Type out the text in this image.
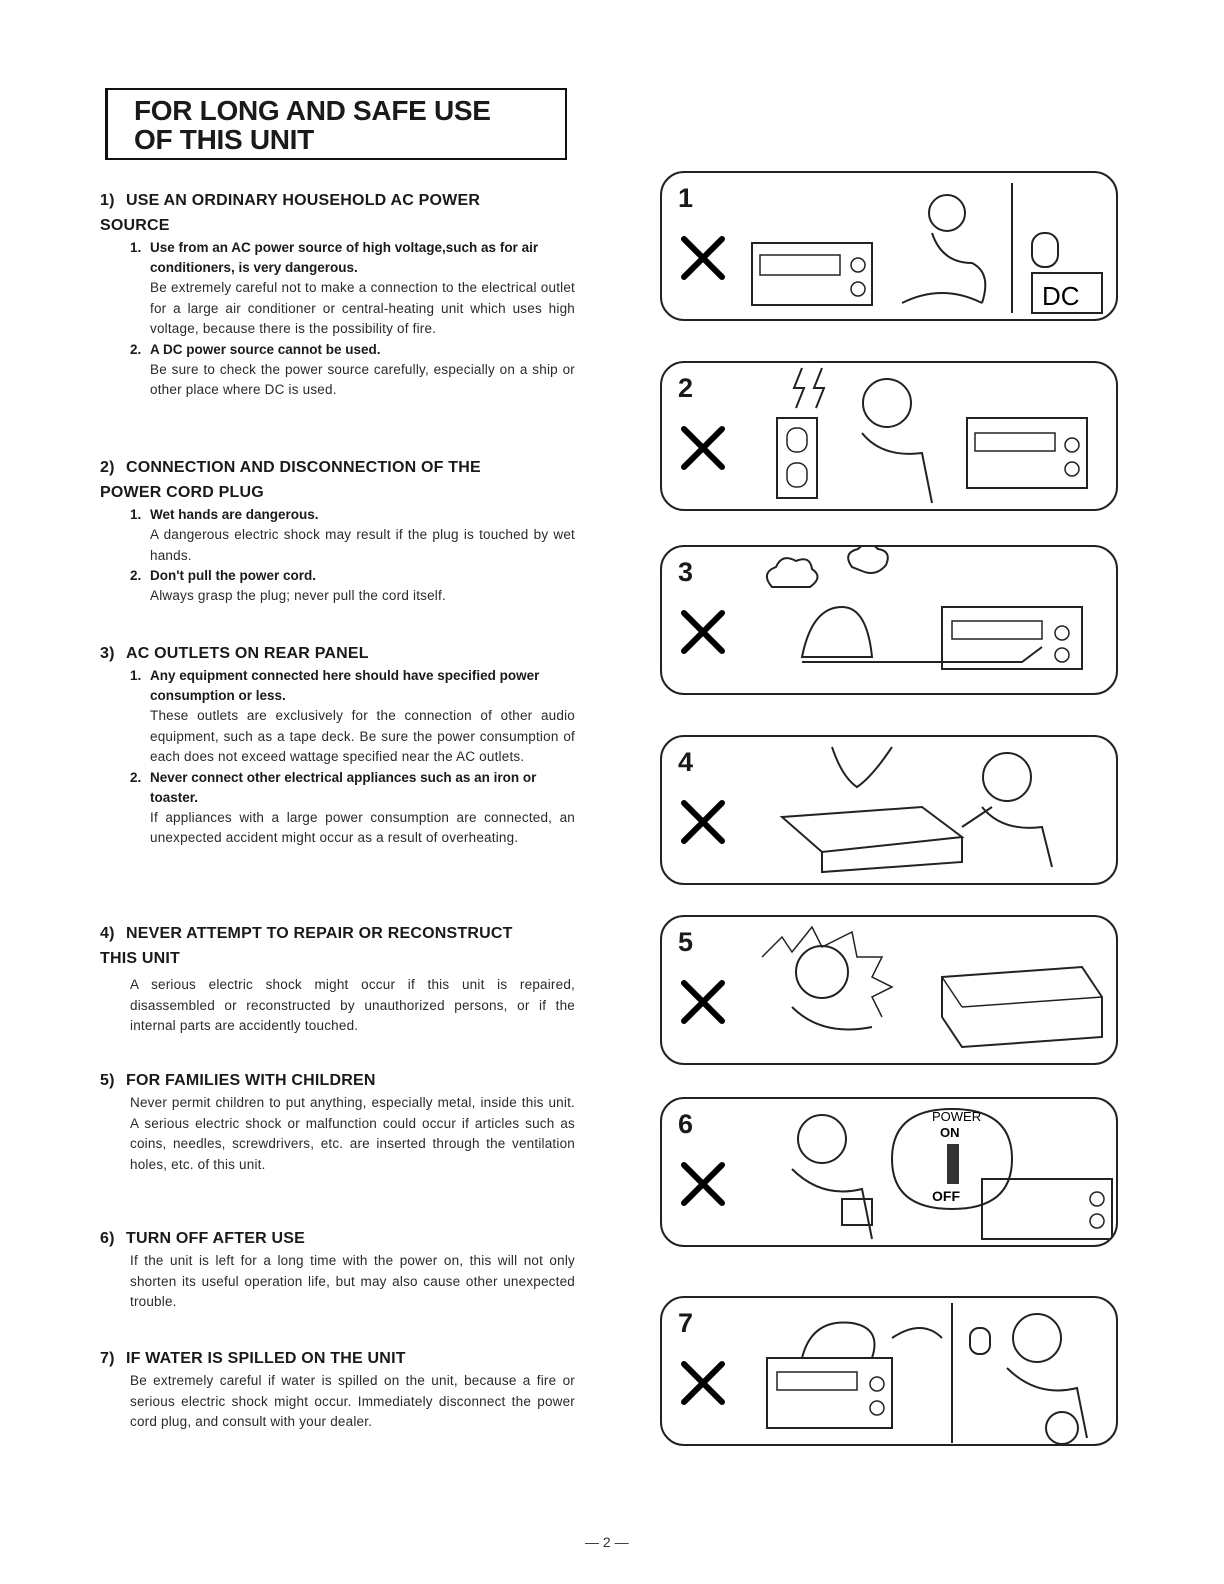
FOR LONG AND SAFE USE
OF THIS UNIT
1) USE AN ORDINARY HOUSEHOLD AC POWER
SOURCE
1. Use from an AC power source of high voltage,such as for air conditioners, is very dangerous.
Be extremely careful not to make a connection to the electrical outlet for a large air conditioner or central-heating unit which uses high voltage, because there is the possibility of fire.
2. A DC power source cannot be used.
Be sure to check the power source carefully, especially on a ship or other place where DC is used.
2) CONNECTION AND DISCONNECTION OF THE
POWER CORD PLUG
1. Wet hands are dangerous.
A dangerous electric shock may result if the plug is touched by wet hands.
2. Don't pull the power cord.
Always grasp the plug; never pull the cord itself.
3) AC OUTLETS ON REAR PANEL
1. Any equipment connected here should have specified power consumption or less.
These outlets are exclusively for the connection of other audio equipment, such as a tape deck. Be sure the power consumption of each does not exceed wattage specified near the AC outlets.
2. Never connect other electrical appliances such as an iron or toaster.
If appliances with a large power consumption are connected, an unexpected accident might occur as a result of overheating.
4) NEVER ATTEMPT TO REPAIR OR RECONSTRUCT
THIS UNIT
A serious electric shock might occur if this unit is repaired, disassembled or reconstructed by unauthorized persons, or if the internal parts are accidently touched.
5) FOR FAMILIES WITH CHILDREN
Never permit children to put anything, especially metal, inside this unit. A serious electric shock or malfunction could occur if articles such as coins, needles, screwdrivers, etc. are inserted through the ventilation holes, etc. of this unit.
6) TURN OFF AFTER USE
If the unit is left for a long time with the power on, this will not only shorten its useful operation life, but may also cause other unexpected trouble.
7) IF WATER IS SPILLED ON THE UNIT
Be extremely careful if water is spilled on the unit, because a fire or serious electric shock might occur. Immediately disconnect the power cord plug, and consult with your dealer.
1
DC
2
3
4
5
6	POWER
ON
OFF
7
— 2 —
